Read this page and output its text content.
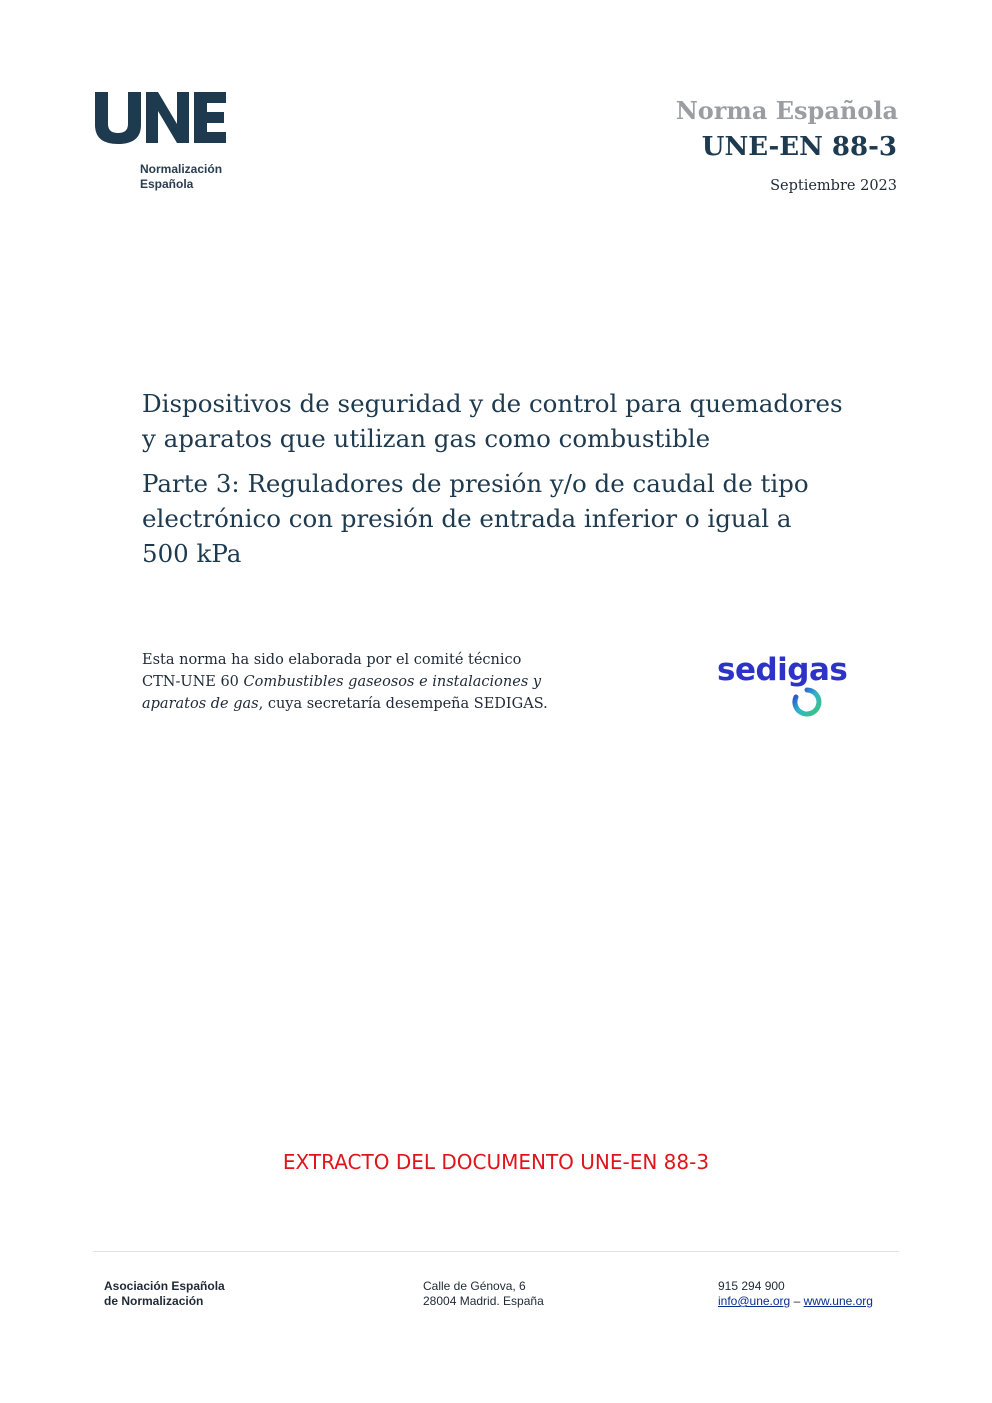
Normalización
Española
Norma Española
UNE-EN 88-3
Septiembre 2023

Dispositivos de seguridad y de control para quemadores
y aparatos que utilizan gas como combustible

Parte 3: Reguladores de presión y/o de caudal de tipo
electrónico con presión de entrada inferior o igual a
500 kPa

Esta norma ha sido elaborada por el comité técnico
CTN-UNE 60 Combustibles gaseosos e instalaciones y
aparatos de gas, cuya secretaría desempeña SEDIGAS.
sedigas
EXTRACTO DEL DOCUMENTO UNE-EN 88-3
Asociación Española
de Normalización
Calle de Génova, 6
28004 Madrid. España
915 294 900
info@une.org – www.une.org
